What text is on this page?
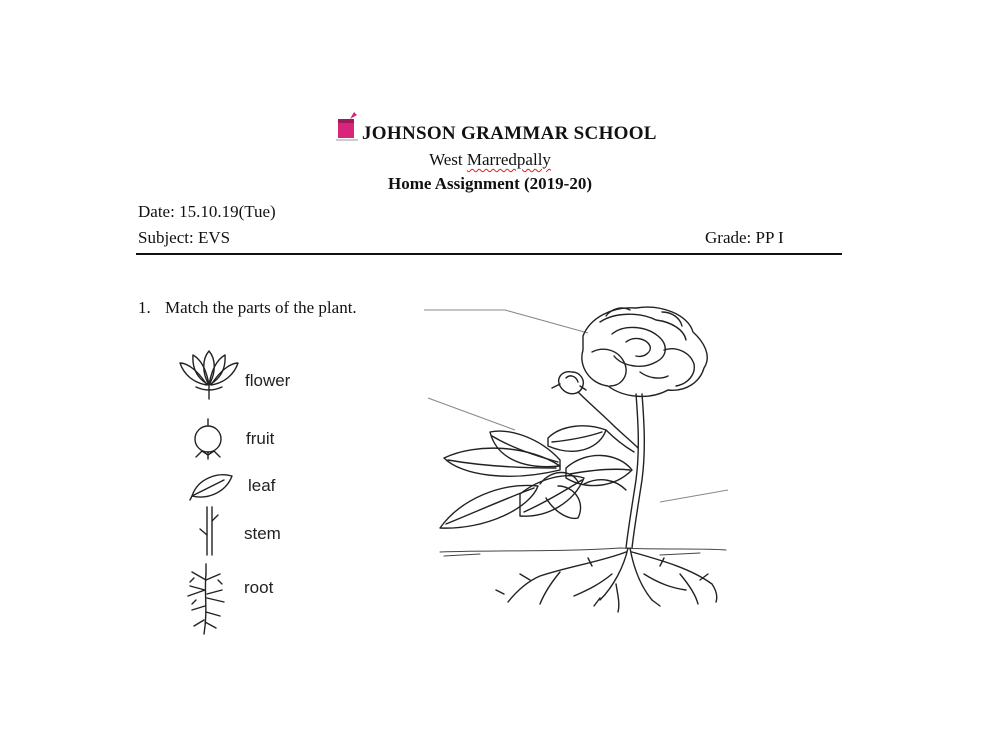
JOHNSON GRAMMAR SCHOOL
West Marredpally
Home Assignment (2019-20)
Date: 15.10.19(Tue)
Subject: EVS	Grade: PP I
1. Match the parts of the plant.
flower
fruit
leaf
stem
root
